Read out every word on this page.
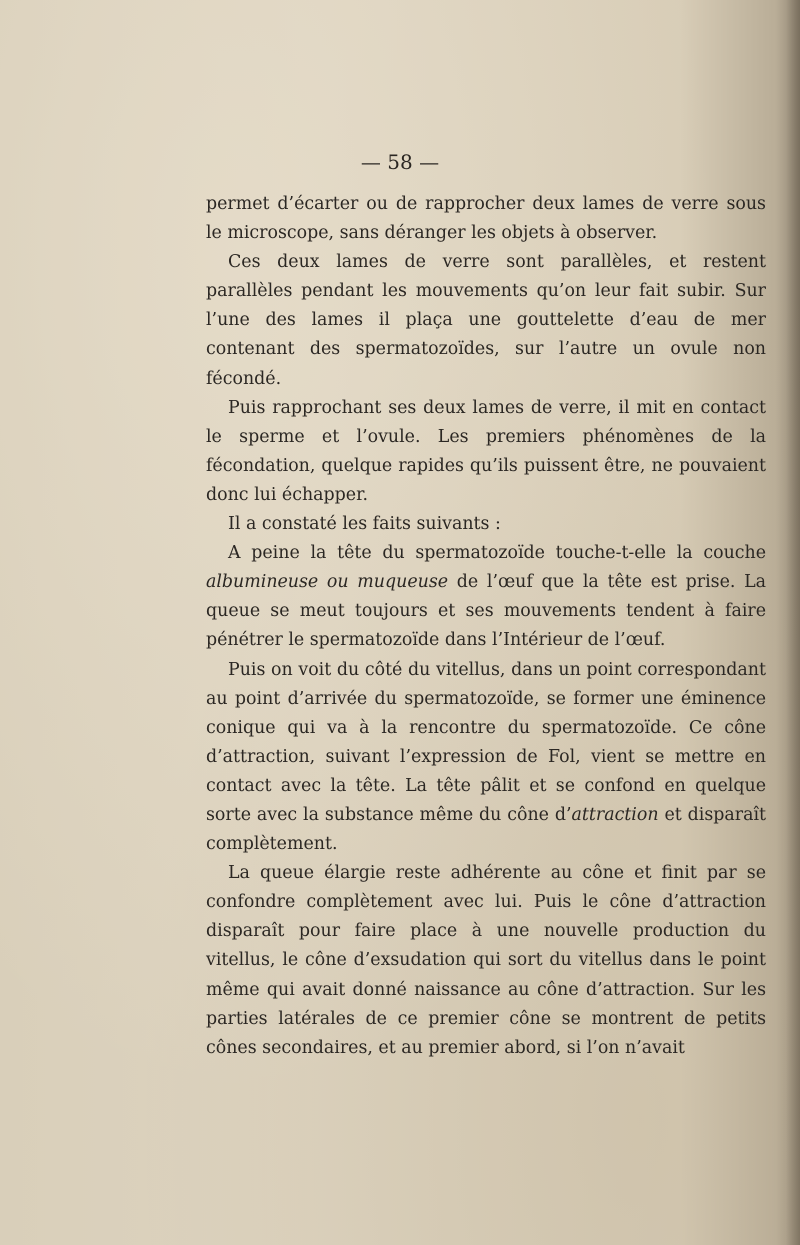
— 58 —

permet d’écarter ou de rapprocher deux lames de verre sous le microscope, sans déranger les objets à observer.

Ces deux lames de verre sont parallèles, et restent parallèles pendant les mouvements qu’on leur fait subir. Sur l’une des lames il plaça une gouttelette d’eau de mer contenant des spermatozoïdes, sur l’autre un ovule non fécondé.

Puis rapprochant ses deux lames de verre, il mit en contact le sperme et l’ovule. Les premiers phénomènes de la fécondation, quelque rapides qu’ils puissent être, ne pouvaient donc lui échapper.

Il a constaté les faits suivants :

A peine la tête du spermatozoïde touche-t-elle la couche albumineuse ou muqueuse de l’œuf que la tête est prise. La queue se meut toujours et ses mouvements tendent à faire pénétrer le spermatozoïde dans l’Intérieur de l’œuf.

Puis on voit du côté du vitellus, dans un point correspondant au point d’arrivée du spermatozoïde, se former une éminence conique qui va à la rencontre du spermatozoïde. Ce cône d’attraction, suivant l’expression de Fol, vient se mettre en contact avec la tête. La tête pâlit et se confond en quelque sorte avec la substance même du cône d’attraction et disparaît complètement.

La queue élargie reste adhérente au cône et finit par se confondre complètement avec lui. Puis le cône d’attraction disparaît pour faire place à une nouvelle production du vitellus, le cône d’exsudation qui sort du vitellus dans le point même qui avait donné naissance au cône d’attraction. Sur les parties latérales de ce premier cône se montrent de petits cônes secondaires, et au premier abord, si l’on n’avait
